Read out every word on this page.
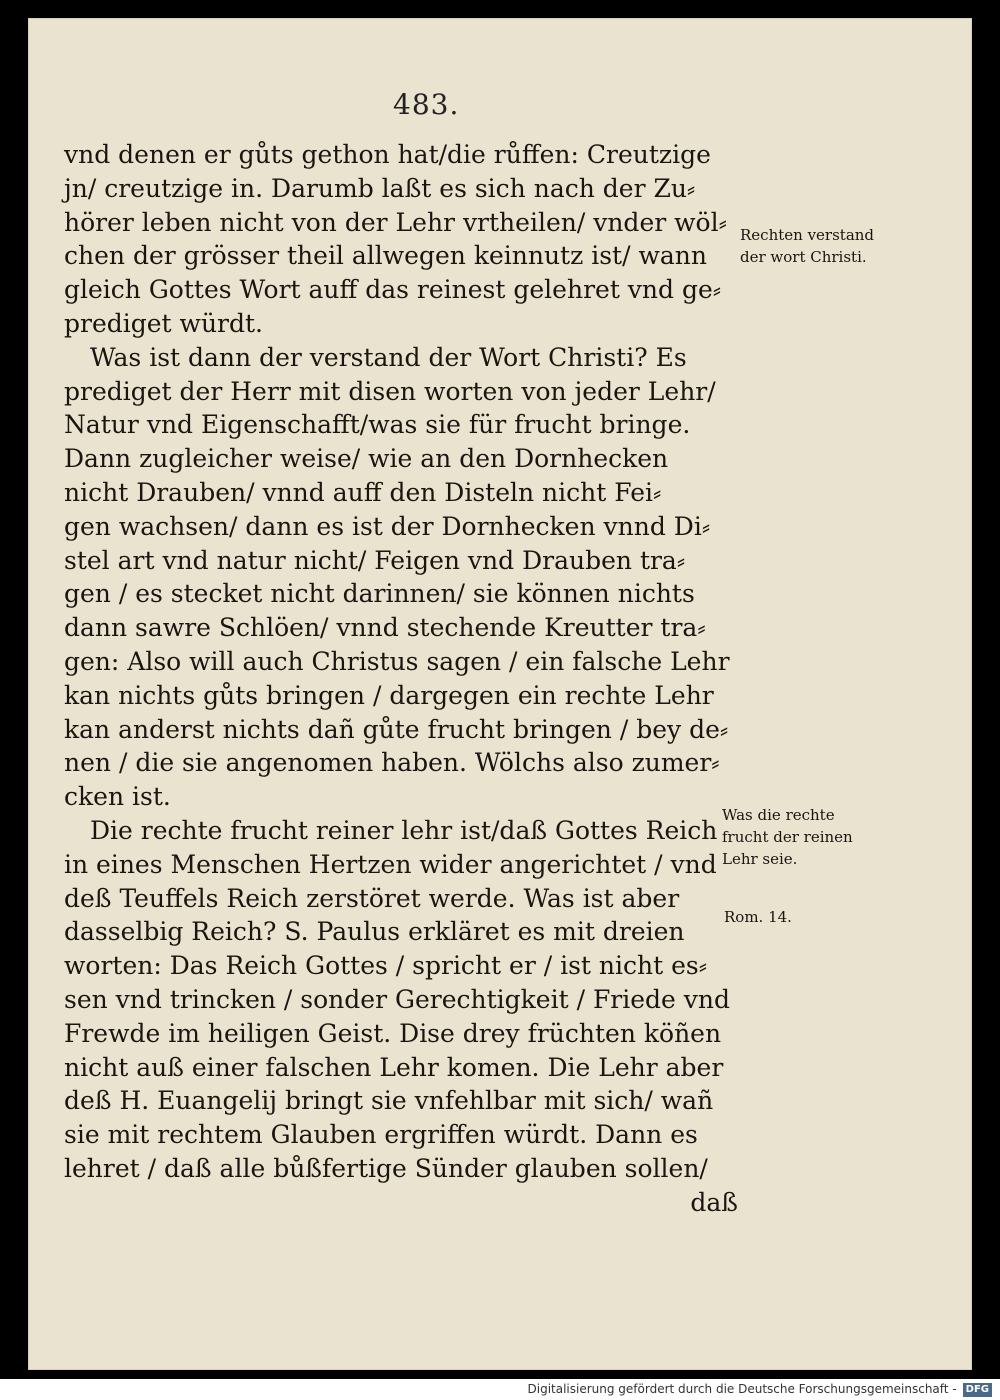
483.
vnd denen er gůts gethon hat/die růffen: Creutzige
jn/ creutzige in. Darumb laßt es sich nach der Zu⸗
hörer leben nicht von der Lehr vrtheilen/ vnder wöl⸗
chen der grösser theil allwegen keinnutz ist/ wann
gleich Gottes Wort auff das reinest gelehret vnd ge⸗
prediget würdt.
Was ist dann der verstand der Wort Christi? Es
prediget der Herr mit disen worten von jeder Lehr/
Natur vnd Eigenschafft/was sie für frucht bringe.
Dann zugleicher weise/ wie an den Dornhecken
nicht Drauben/ vnnd auff den Disteln nicht Fei⸗
gen wachsen/ dann es ist der Dornhecken vnnd Di⸗
stel art vnd natur nicht/ Feigen vnd Drauben tra⸗
gen / es stecket nicht darinnen/ sie können nichts
dann sawre Schlöen/ vnnd stechende Kreutter tra⸗
gen: Also will auch Christus sagen / ein falsche Lehr
kan nichts gůts bringen / dargegen ein rechte Lehr
kan anderst nichts dañ gůte frucht bringen / bey de⸗
nen / die sie angenomen haben. Wölchs also zumer⸗
cken ist.
Die rechte frucht reiner lehr ist/daß Gottes Reich
in eines Menschen Hertzen wider angerichtet / vnd
deß Teuffels Reich zerstöret werde. Was ist aber
dasselbig Reich? S. Paulus erkläret es mit dreien
worten: Das Reich Gottes / spricht er / ist nicht es⸗
sen vnd trincken / sonder Gerechtigkeit / Friede vnd
Frewde im heiligen Geist. Dise drey früchten köñen
nicht auß einer falschen Lehr komen. Die Lehr aber
deß H. Euangelij bringt sie vnfehlbar mit sich/ wañ
sie mit rechtem Glauben ergriffen würdt. Dann es
lehret / daß alle bůßfertige Sünder glauben sollen/
daß
Rechten verstand
der wort Christi.
Was die rechte
frucht der reinen
Lehr seie.
Rom. 14.
Digitalisierung gefördert durch die Deutsche Forschungsgemeinschaft - DFG
